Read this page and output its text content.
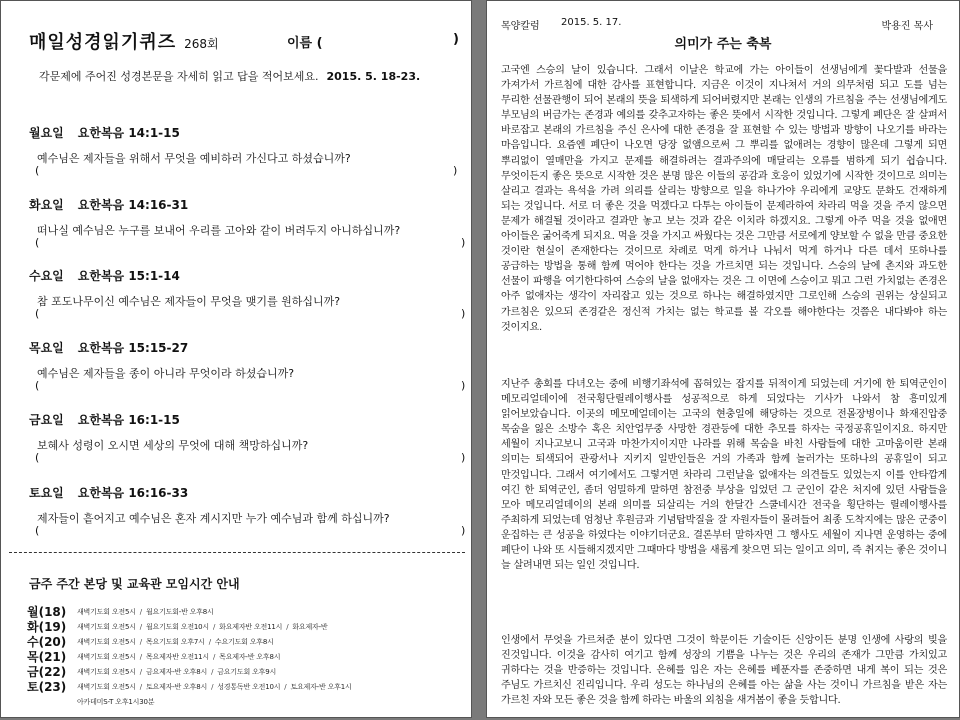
매일성경읽기퀴즈 268회	이름 (	)
각문제에 주어진 성경본문을 자세히 읽고 답을 적어보세요. 2015. 5. 18-23.
월요일 요한복음 14:1-15
예수님은 제자들을 위해서 무엇을 예비하러 가신다고 하셨습니까?
(	)
화요일 요한복음 14:16-31
떠나실 예수님은 누구를 보내어 우리를 고아와 같이 버려두지 아니하십니까?
(	)
수요일 요한복음 15:1-14
참 포도나무이신 예수님은 제자들이 무엇을 맺기를 원하십니까?
(	)
목요일 요한복음 15:15-27
예수님은 제자들을 종이 아니라 무엇이라 하셨습니까?
(	)
금요일 요한복음 16:1-15
보혜사 성령이 오시면 세상의 무엇에 대해 책망하십니까?
(	)
토요일 요한복음 16:16-33
제자들이 흩어지고 예수님은 혼자 계시지만 누가 예수님과 함께 하십니까?
(	)
금주 주간 본당 및 교육관 모임시간 안내
월(18)	새벽기도회 오전5시 / 월요기도회-반 오후8시
화(19)	새벽기도회 오전5시 / 월요기도회 오전10시 / 화요제자반 오전11시 / 화요제자-반
수(20)	새벽기도회 오전5시 / 목요기도회 오후7시 / 수요기도회 오후8시
목(21)	새벽기도회 오전5시 / 목요제자반 오전11시 / 목요제자-반 오후8시
금(22)	새벽기도회 오전5시 / 금요제자-반 오후8시 / 금요기도회 오후9시
토(23)	새벽기도회 오전5시 / 토요제자-반 오후8시 / 성경통독반 오전10시 / 토요제자-반 오후1시
아카데미S-T 오후1시30분
목양칼럼 2015. 5. 17.	박용진 목사
의미가 주는 축복

고국엔 스승의 날이 있습니다. 그래서 이날은 학교에 가는 아이들이 선생님에게 꽃다발과 선물을 가져가서 가르침에 대한 감사를 표현합니다. 지금은 이것이 지나쳐서 거의 의무처럼 되고 도를 넘는 무리한 선물관행이 되어 본래의 뜻을 퇴색하게 되어버렸지만 본래는 인생의 가르침을 주는 선생님에게도 부모님의 버금가는 존경과 예의를 갖추고자하는 좋은 뜻에서 시작한 것입니다. 그렇게 폐단은 잘 살펴서 바로잡고 본래의 가르침을 주신 은사에 대한 존경을 잘 표현할 수 있는 방법과 방향이 나오기를 바라는 마음입니다. 요즘엔 폐단이 나오면 당장 없앰으로써 그 뿌리를 없애려는 경향이 많은데 그렇게 되면 뿌리없이 열매만을 가지고 문제를 해결하려는 결과주의에 매달리는 오류를 범하게 되기 쉽습니다. 무엇이든지 좋은 뜻으로 시작한 것은 분명 많은 이들의 공감과 호응이 있었기에 시작한 것이므로 의미는 살리고 결과는 욕석을 가려 의리를 살리는 방향으로 일을 하나가야 우리에게 교양도 문화도 건재하게 되는 것입니다. 서로 더 좋은 것을 먹겠다고 다투는 아이들이 문제라하여 차라리 먹을 것을 주지 않으면 문제가 해결될 것이라고 결과만 놓고 보는 것과 같은 이치라 하겠지요. 그렇게 아주 먹을 것을 없애면 아이들은 굶어죽게 되지요. 먹을 것을 가지고 싸웠다는 것은 그만큼 서로에게 양보할 수 없을 만큼 중요한 것이란 현실이 존재한다는 것이므로 차례로 먹게 하거나 나눠서 먹게 하거나 다른 데서 또하나를 공급하는 방법을 통해 함께 먹어야 한다는 것을 가르치면 되는 것입니다. 스승의 날에 촌지와 과도한 선물이 파행을 여기한다하여 스승의 날을 없애자는 것은 그 이면에 스승이고 뭐고 그런 가치없는 존경은 아주 없애자는 생각이 자리잡고 있는 것으로 하나는 해결하였지만 그로인해 스승의 권위는 상실되고 가르침은 있으되 존경같은 정신적 가치는 없는 학교를 볼 각오를 해야한다는 것쯤은 내다봐야 하는 것이지요.

지난주 총회를 다녀오는 중에 비행기좌석에 꼽혀있는 잡지를 뒤적이게 되었는데 거기에 한 퇴역군인이 메모리얼데이에 전국횡단릴레이행사를 성공적으로 하게 되었다는 기사가 나와서 참 흥미있게 읽어보았습니다. 이곳의 메모메얼데이는 고국의 현충일에 해당하는 것으로 전몰장병이나 화재진압중 목숨을 잃은 소방수 혹은 치안업무중 사망한 경관등에 대한 추모를 하자는 국정공휴일이지요. 하지만 세월이 지나고보니 고국과 마찬가지이지만 나라를 위해 목숨을 바친 사람들에 대한 고마움이란 본래 의미는 퇴색되어 관광서나 지키지 일반인들은 거의 가족과 함께 놀러가는 또하나의 공휴일이 되고 만것입니다. 그래서 여기에서도 그렇거면 차라리 그런날을 없애자는 의견들도 있었는지 이를 안타깝게 여긴 한 퇴역군인, 좀더 엄밀하게 말하면 참전중 부상을 입었던 그 군인이 같은 처지에 있던 사람들을 모아 메모리얼데이의 본래 의미를 되살리는 거의 한달간 스쿨네시간 전국을 횡단하는 릴레이행사를 주최하게 되었는데 엄청난 후원금과 기념탑박질을 잘 자원자들이 몰려들어 최종 도착지에는 많은 군중이 운집하는 큰 성공을 하였다는 이야기더군요. 결론부터 말하자면 그 행사도 세월이 지나면 운영하는 중에 폐단이 나와 또 시들해지겠지만 그때마다 방법을 새롭게 찾으면 되는 일이고 의미, 즉 취지는 좋은 것이니 늘 살려내면 되는 일인 것입니다.

인생에서 무엇을 가르쳐준 분이 있다면 그것이 학문이든 기술이든 신앙이든 분명 인생에 사랑의 빚을 진것입니다. 이것을 감사히 여기고 함께 성장의 기쁨을 나누는 것은 우리의 존재가 그만큼 가치있고 귀하다는 것을 반증하는 것입니다. 은혜를 입은 자는 은혜를 베푼자를 존중하면 내게 복이 되는 것은 주님도 가르치신 진리입니다. 우리 성도는 하나님의 은혜를 아는 삶을 사는 것이니 가르침을 받은 자는 가르친 자와 모든 좋은 것을 함께 하라는 바울의 외침을 새겨봄이 좋을 듯합니다.
